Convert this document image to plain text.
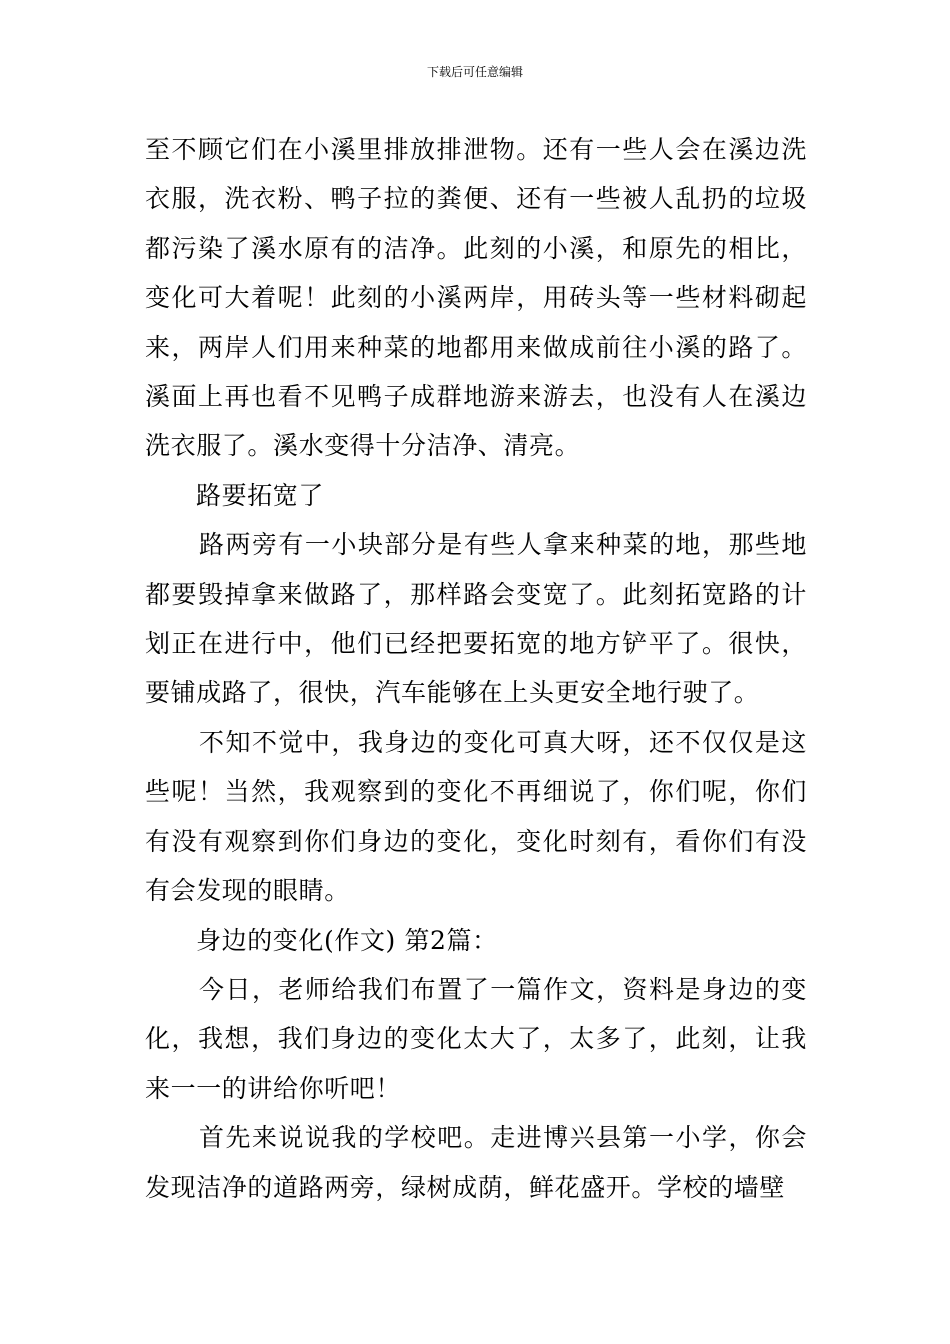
下载后可任意编辑

至不顾它们在小溪里排放排泄物。还有一些人会在溪边洗衣服，洗衣粉、鸭子拉的粪便、还有一些被人乱扔的垃圾都污染了溪水原有的洁净。此刻的小溪，和原先的相比，变化可大着呢！此刻的小溪两岸，用砖头等一些材料砌起来，两岸人们用来种菜的地都用来做成前往小溪的路了。溪面上再也看不见鸭子成群地游来游去，也没有人在溪边洗衣服了。溪水变得十分洁净、清亮。

路要拓宽了

路两旁有一小块部分是有些人拿来种菜的地，那些地都要毁掉拿来做路了，那样路会变宽了。此刻拓宽路的计划正在进行中，他们已经把要拓宽的地方铲平了。很快，要铺成路了，很快，汽车能够在上头更安全地行驶了。

不知不觉中，我身边的变化可真大呀，还不仅仅是这些呢！当然，我观察到的变化不再细说了，你们呢，你们有没有观察到你们身边的变化，变化时刻有，看你们有没有会发现的眼睛。

身边的变化(作文) 第2篇：

今日，老师给我们布置了一篇作文，资料是身边的变化，我想，我们身边的变化太大了，太多了，此刻，让我来一一的讲给你听吧！

首先来说说我的学校吧。走进博兴县第一小学，你会发现洁净的道路两旁，绿树成荫，鲜花盛开。学校的墙壁
